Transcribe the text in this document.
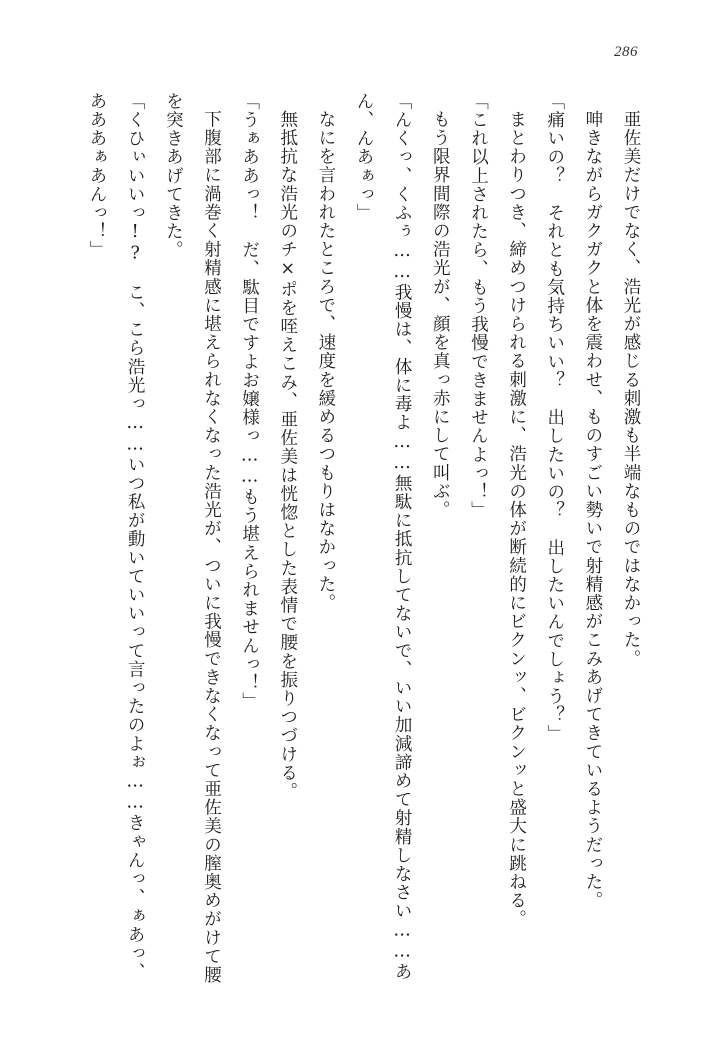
286

亜佐美だけでなく、浩光が感じる刺激も半端なものではなかった。

呻きながらガクガクと体を震わせ、ものすごい勢いで射精感がこみあげてきているようだった。

「痛いの？　それとも気持ちいい？　出したいの？　出したいんでしょう？」

まとわりつき、締めつけられる刺激に、浩光の体が断続的にビクンッ、ビクンッと盛大に跳ねる。

「これ以上されたら、もう我慢できませんよっ！」

もう限界間際の浩光が、顔を真っ赤にして叫ぶ。

「んくっ、くふぅ……我慢は、体に毒よ……無駄に抵抗してないで、いい加減諦めて射精しなさい……あん、んあぁっ」

なにを言われたところで、速度を緩めるつもりはなかった。

無抵抗な浩光のチ×ポを咥えこみ、亜佐美は恍惚とした表情で腰を振りつづける。

「うぁああっ！　だ、駄目ですよお嬢様っ……もう堪えられませんっ！」

下腹部に渦巻く射精感に堪えられなくなった浩光が、ついに我慢できなくなって亜佐美の膣奥めがけて腰を突きあげてきた。

「くひぃいいっ!?　こ、こら浩光っ……いつ私が動いていいって言ったのよぉ……きゃんっ、ぁあっ、あああぁあんっ！」
